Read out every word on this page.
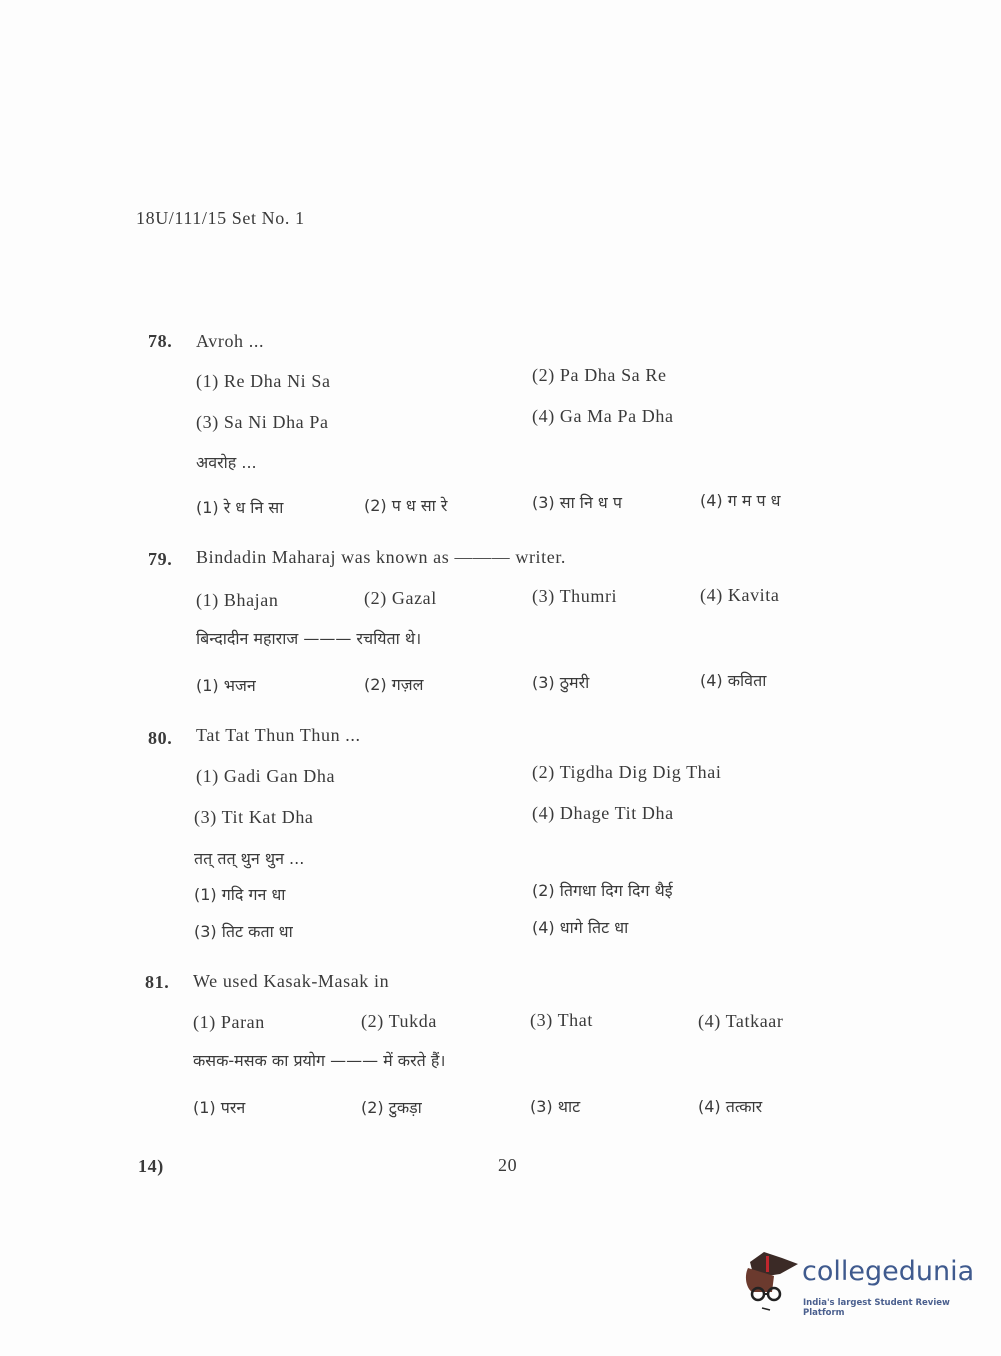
18U/111/15 Set No. 1
78. Avroh ...
(1) Re Dha Ni Sa	(2) Pa Dha Sa Re
(3) Sa Ni Dha Pa	(4) Ga Ma Pa Dha
अवरोह ...
(1) रे ध नि सा	(2) प ध सा रे	(3) सा नि ध प	(4) ग म प ध
79. Bindadin Maharaj was known as ——— writer.
(1) Bhajan	(2) Gazal	(3) Thumri	(4) Kavita
बिन्दादीन महाराज ——— रचयिता थे।
(1) भजन	(2) गज़ल	(3) ठुमरी	(4) कविता
80. Tat Tat Thun Thun ...
(1) Gadi Gan Dha	(2) Tigdha Dig Dig Thai
(3) Tit Kat Dha	(4) Dhage Tit Dha
तत् तत् थुन थुन ...
(1) गदि गन धा	(2) तिगधा दिग दिग थैई
(3) तिट कता धा	(4) धागे तिट धा
81. We used Kasak-Masak in
(1) Paran	(2) Tukda	(3) That	(4) Tatkaar
कसक-मसक का प्रयोग ——— में करते हैं।
(1) परन	(2) टुकड़ा	(3) थाट	(4) तत्कार
14)	20
collegedunia
India's largest Student Review Platform
